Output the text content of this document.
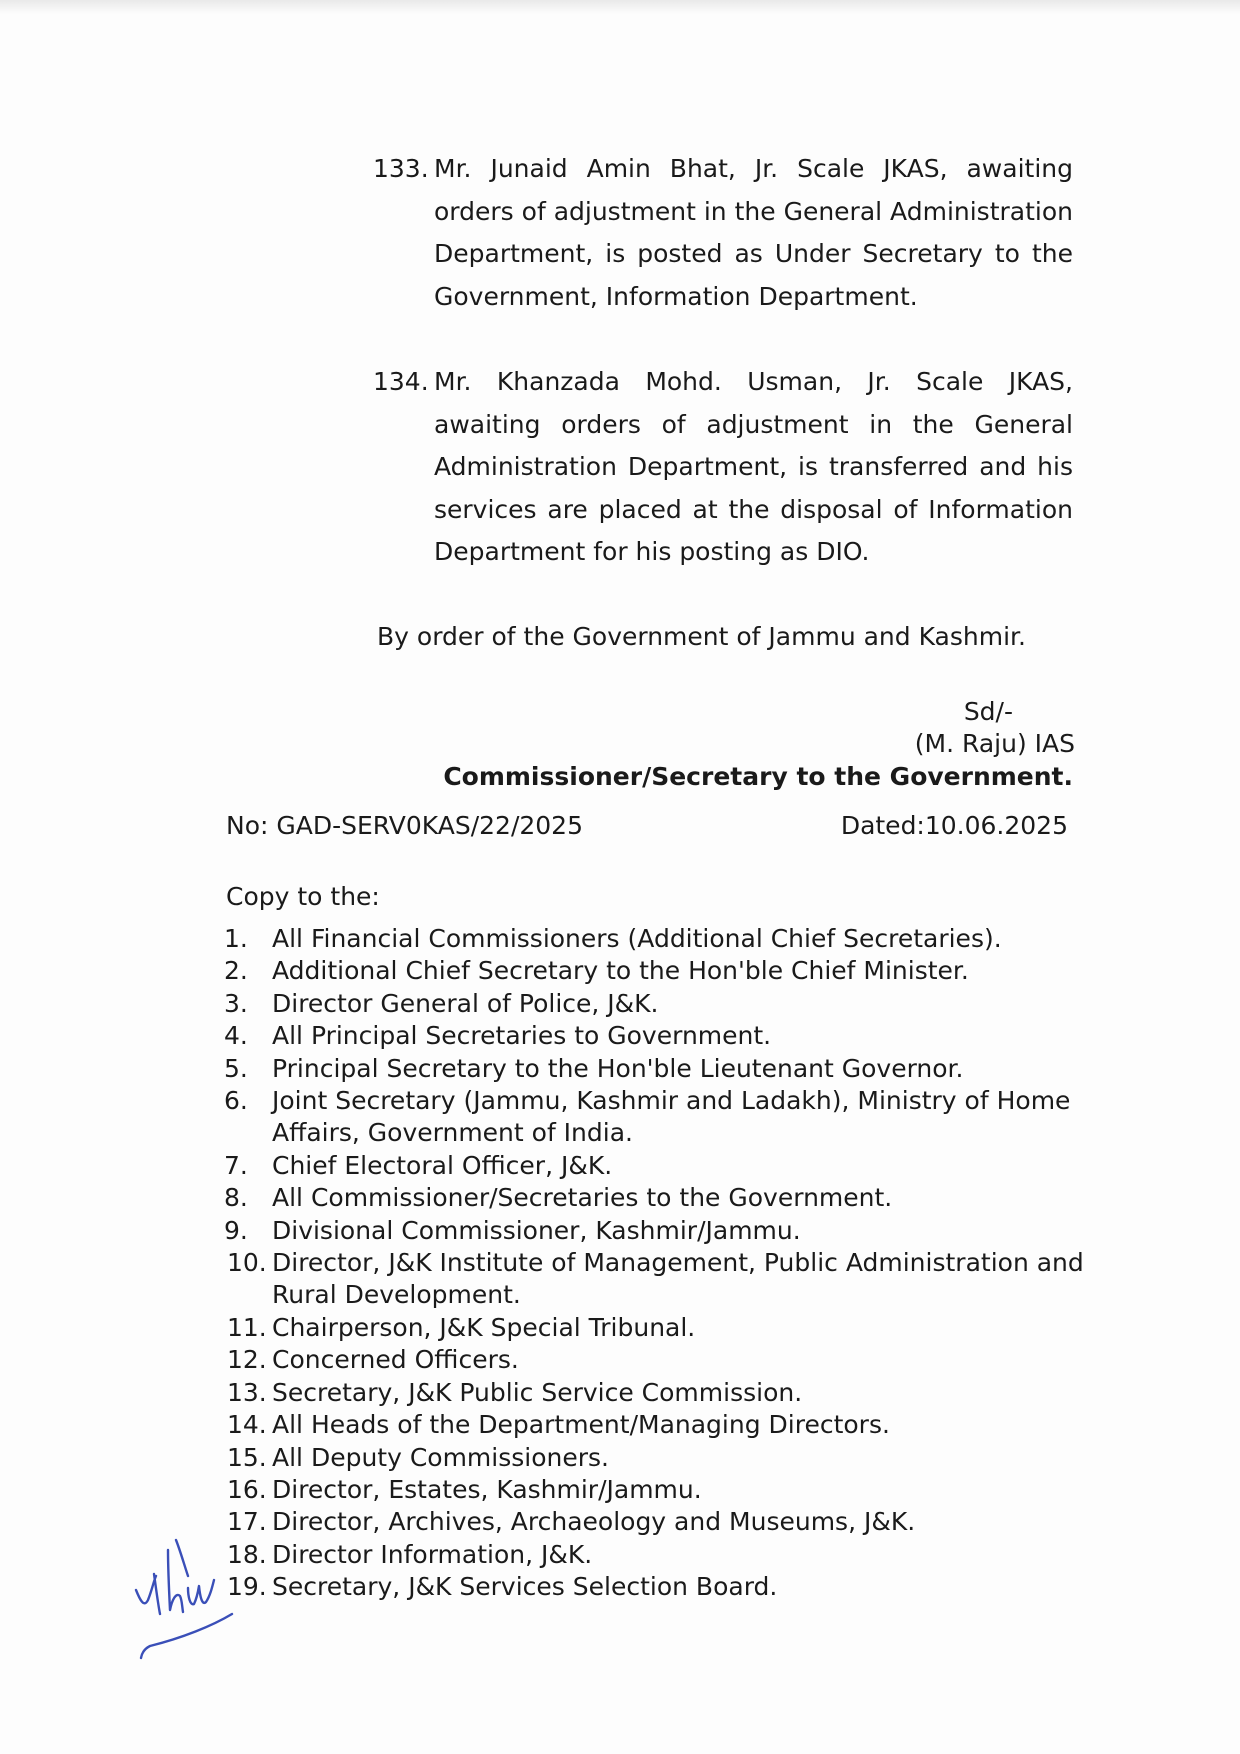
133. Mr. Junaid Amin Bhat, Jr. Scale JKAS, awaiting orders of adjustment in the General Administration Department, is posted as Under Secretary to the Government, Information Department.
134. Mr. Khanzada Mohd. Usman, Jr. Scale JKAS, awaiting orders of adjustment in the General Administration Department, is transferred and his services are placed at the disposal of Information Department for his posting as DIO.
By order of the Government of Jammu and Kashmir.
Sd/-
(M. Raju) IAS
Commissioner/Secretary to the Government.
No: GAD-SERV0KAS/22/2025	Dated:10.06.2025
Copy to the:
1. All Financial Commissioners (Additional Chief Secretaries).
2. Additional Chief Secretary to the Hon'ble Chief Minister.
3. Director General of Police, J&K.
4. All Principal Secretaries to Government.
5. Principal Secretary to the Hon'ble Lieutenant Governor.
6. Joint Secretary (Jammu, Kashmir and Ladakh), Ministry of Home Affairs, Government of India.
7. Chief Electoral Officer, J&K.
8. All Commissioner/Secretaries to the Government.
9. Divisional Commissioner, Kashmir/Jammu.
10. Director, J&K Institute of Management, Public Administration and Rural Development.
11. Chairperson, J&K Special Tribunal.
12. Concerned Officers.
13. Secretary, J&K Public Service Commission.
14. All Heads of the Department/Managing Directors.
15. All Deputy Commissioners.
16. Director, Estates, Kashmir/Jammu.
17. Director, Archives, Archaeology and Museums, J&K.
18. Director Information, J&K.
19. Secretary, J&K Services Selection Board.
